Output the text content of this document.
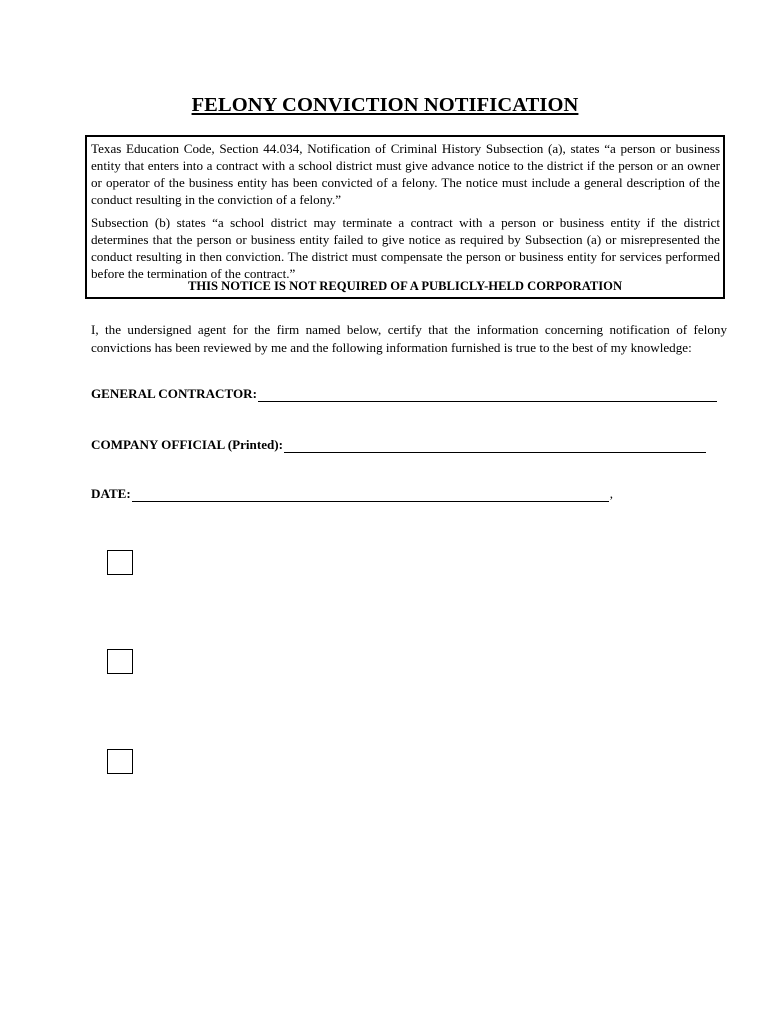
FELONY CONVICTION NOTIFICATION

Texas Education Code, Section 44.034, Notification of Criminal History Subsection (a), states “a person or business entity that enters into a contract with a school district must give advance notice to the district if the person or an owner or operator of the business entity has been convicted of a felony. The notice must include a general description of the conduct resulting in the conviction of a felony.”

Subsection (b) states “a school district may terminate a contract with a person or business entity if the district determines that the person or business entity failed to give notice as required by Subsection (a) or misrepresented the conduct resulting in then conviction. The district must compensate the person or business entity for services performed before the termination of the contract.”

THIS NOTICE IS NOT REQUIRED OF A PUBLICLY-HELD CORPORATION

I, the undersigned agent for the firm named below, certify that the information concerning notification of felony convictions has been reviewed by me and the following information furnished is true to the best of my knowledge:

GENERAL CONTRACTOR:
COMPANY OFFICIAL (Printed):
DATE:	,
